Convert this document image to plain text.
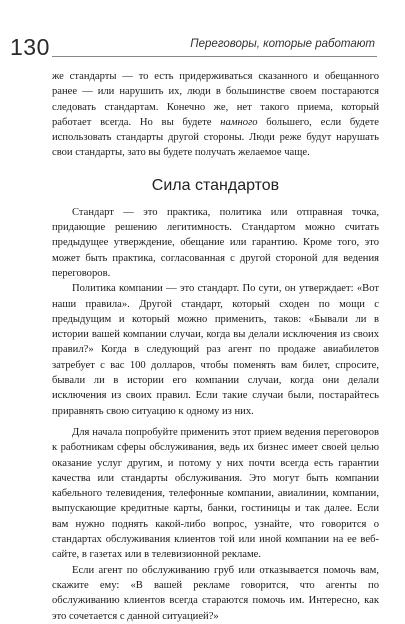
130	Переговоры, которые работают

же стандарты — то есть придерживаться сказанного и обещанного ранее — или нарушить их, люди в большинстве своем постараются следовать стандартам. Конечно же, нет такого приема, который работает всегда. Но вы будете намного большего, если будете использовать стандарты другой стороны. Люди реже будут нарушать свои стандарты, зато вы будете получать желаемое чаще.

Сила стандартов

Стандарт — это практика, политика или отправная точка, придающие решению легитимность. Стандартом можно считать предыдущее утверждение, обещание или гарантию. Кроме того, это может быть практика, согласованная с другой стороной для ведения переговоров.

Политика компании — это стандарт. По сути, он утверждает: «Вот наши правила». Другой стандарт, который сходен по мощи с предыдущим и который можно применить, таков: «Бывали ли в истории вашей компании случаи, когда вы делали исключения из своих правил?» Когда в следующий раз агент по продаже авиабилетов затребует с вас 100 долларов, чтобы поменять вам билет, спросите, бывали ли в истории его компании случаи, когда они делали исключения из своих правил. Если такие случаи были, постарайтесь приравнять свою ситуацию к одному из них.

Для начала попробуйте применить этот прием ведения переговоров к работникам сферы обслуживания, ведь их бизнес имеет своей целью оказание услуг другим, и потому у них почти всегда есть гарантии качества или стандарты обслуживания. Это могут быть компании кабельного телевидения, телефонные компании, авиалинии, компании, выпускающие кредитные карты, банки, гостиницы и так далее. Если вам нужно поднять какой-либо вопрос, узнайте, что говорится о стандартах обслуживания клиентов той или иной компании на ее веб-сайте, в газетах или в телевизионной рекламе.

Если агент по обслуживанию груб или отказывается помочь вам, скажите ему: «В вашей рекламе говорится, что агенты по обслуживанию клиентов всегда стараются помочь им. Интересно, как это сочетается с данной ситуацией?»
